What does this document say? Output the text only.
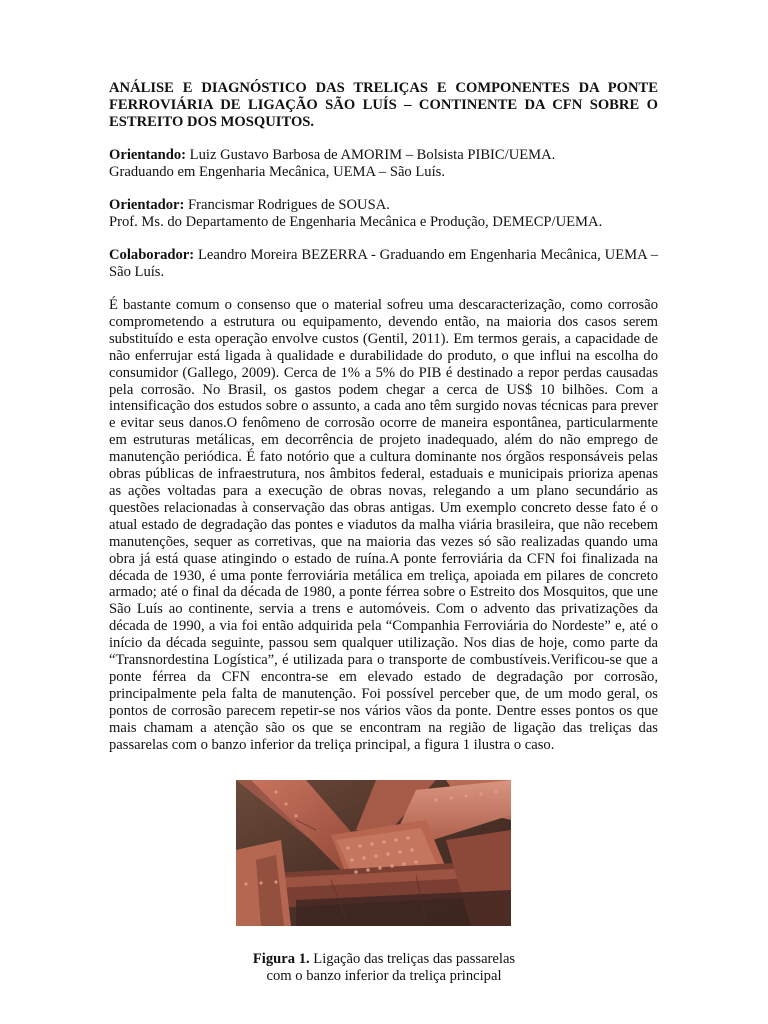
ANÁLISE E DIAGNÓSTICO DAS TRELIÇAS E COMPONENTES DA PONTE FERROVIÁRIA DE LIGAÇÃO SÃO LUÍS – CONTINENTE DA CFN SOBRE O ESTREITO DOS MOSQUITOS.

Orientando: Luiz Gustavo Barbosa de AMORIM – Bolsista PIBIC/UEMA.
Graduando em Engenharia Mecânica, UEMA – São Luís.

Orientador: Francismar Rodrigues de SOUSA.
Prof. Ms. do Departamento de Engenharia Mecânica e Produção, DEMECP/UEMA.

Colaborador: Leandro Moreira BEZERRA - Graduando em Engenharia Mecânica, UEMA – São Luís.

É bastante comum o consenso que o material sofreu uma descaracterização, como corrosão comprometendo a estrutura ou equipamento, devendo então, na maioria dos casos serem substituído e esta operação envolve custos (Gentil, 2011). Em termos gerais, a capacidade de não enferrujar está ligada à qualidade e durabilidade do produto, o que influi na escolha do consumidor (Gallego, 2009). Cerca de 1% a 5% do PIB é destinado a repor perdas causadas pela corrosão. No Brasil, os gastos podem chegar a cerca de US$ 10 bilhões. Com a intensificação dos estudos sobre o assunto, a cada ano têm surgido novas técnicas para prever e evitar seus danos.O fenômeno de corrosão ocorre de maneira espontânea, particularmente em estruturas metálicas, em decorrência de projeto inadequado, além do não emprego de manutenção periódica. É fato notório que a cultura dominante nos órgãos responsáveis pelas obras públicas de infraestrutura, nos âmbitos federal, estaduais e municipais prioriza apenas as ações voltadas para a execução de obras novas, relegando a um plano secundário as questões relacionadas à conservação das obras antigas. Um exemplo concreto desse fato é o atual estado de degradação das pontes e viadutos da malha viária brasileira, que não recebem manutenções, sequer as corretivas, que na maioria das vezes só são realizadas quando uma obra já está quase atingindo o estado de ruína.A ponte ferroviária da CFN foi finalizada na década de 1930, é uma ponte ferroviária metálica em treliça, apoiada em pilares de concreto armado; até o final da década de 1980, a ponte férrea sobre o Estreito dos Mosquitos, que une São Luís ao continente, servia a trens e automóveis. Com o advento das privatizações da década de 1990, a via foi então adquirida pela “Companhia Ferroviária do Nordeste” e, até o início da década seguinte, passou sem qualquer utilização. Nos dias de hoje, como parte da “Transnordestina Logística”, é utilizada para o transporte de combustíveis.Verificou-se que a ponte férrea da CFN encontra-se em elevado estado de degradação por corrosão, principalmente pela falta de manutenção. Foi possível perceber que, de um modo geral, os pontos de corrosão parecem repetir-se nos vários vãos da ponte. Dentre esses pontos os que mais chamam a atenção são os que se encontram na região de ligação das treliças das passarelas com o banzo inferior da treliça principal, a figura 1 ilustra o caso.

Figura 1. Ligação das treliças das passarelas
com o banzo inferior da treliça principal
